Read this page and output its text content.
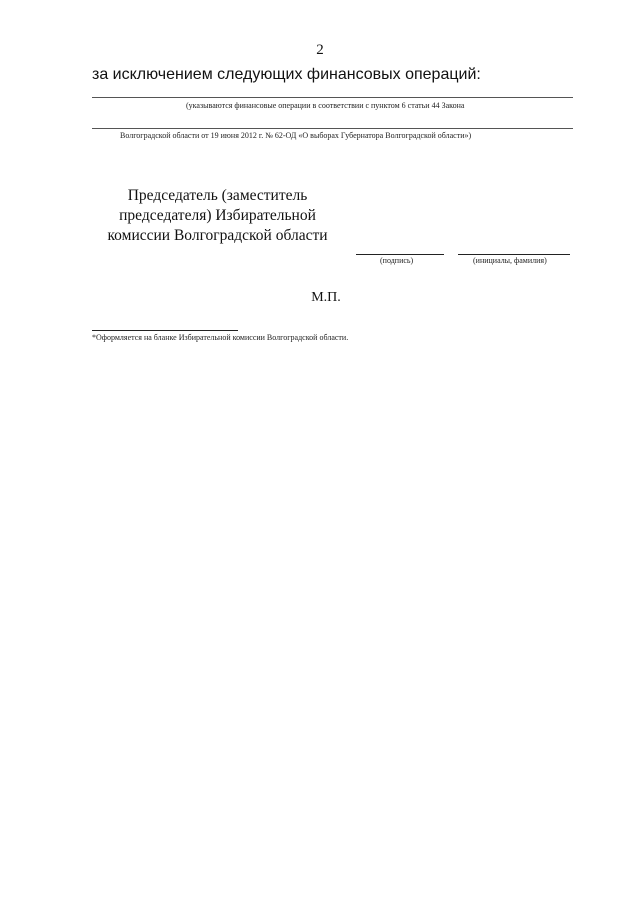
2
за исключением следующих финансовых операций:
(указываются финансовые операции в соответствии с пунктом 6 статьи 44 Закона
Волгоградской области от 19 июня 2012 г. № 62-ОД «О выборах Губернатора Волгоградской области»)
Председатель (заместитель
председателя) Избирательной
комиссии Волгоградской области
(подпись)	(инициалы, фамилия)
М.П.
*Оформляется на бланке Избирательной комиссии Волгоградской области.
